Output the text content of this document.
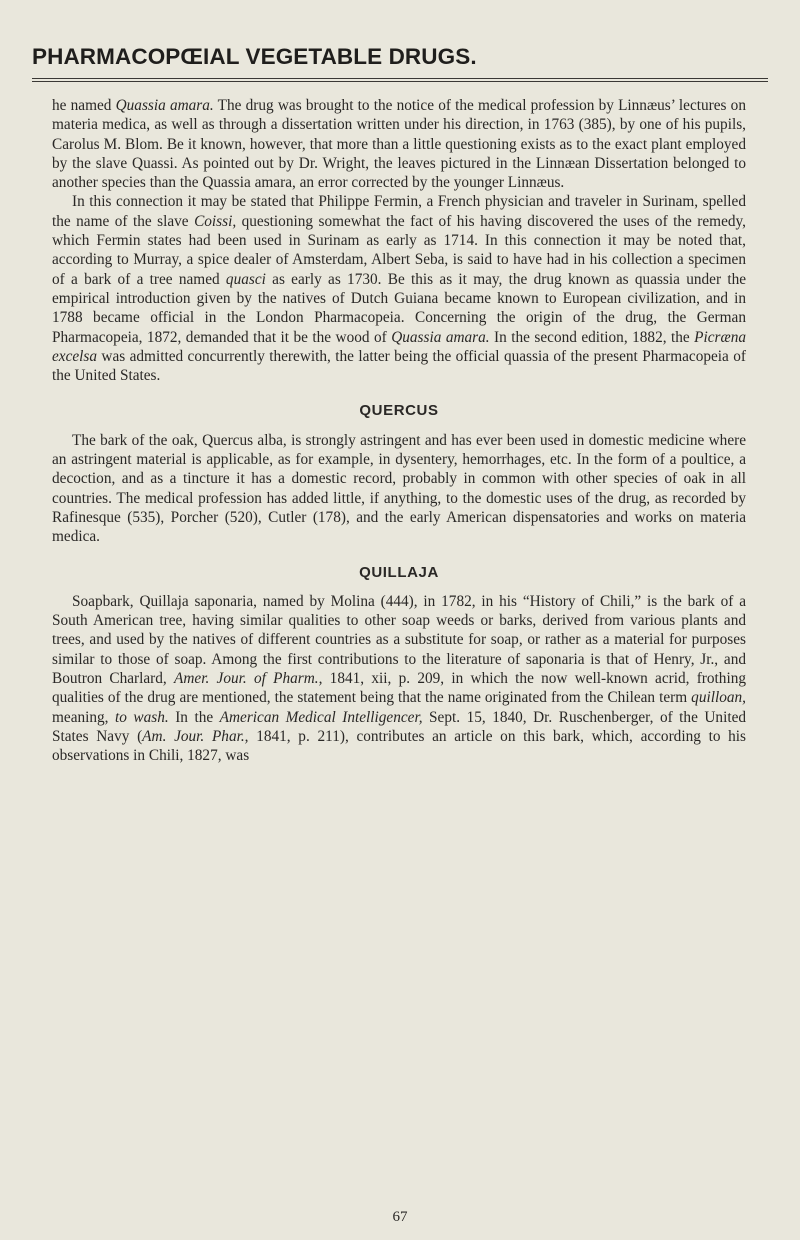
PHARMACOPŒIAL VEGETABLE DRUGS.

he named Quassia amara. The drug was brought to the notice of the medical profession by Linnæus’ lectures on materia medica, as well as through a dissertation written under his direction, in 1763 (385), by one of his pupils, Carolus M. Blom. Be it known, however, that more than a little questioning exists as to the exact plant employed by the slave Quassi. As pointed out by Dr. Wright, the leaves pictured in the Linnæan Dissertation belonged to another species than the Quassia amara, an error corrected by the younger Linnæus.

In this connection it may be stated that Philippe Fermin, a French physician and traveler in Surinam, spelled the name of the slave Coissi, questioning somewhat the fact of his having discovered the uses of the remedy, which Fermin states had been used in Surinam as early as 1714. In this connection it may be noted that, according to Murray, a spice dealer of Amsterdam, Albert Seba, is said to have had in his collection a specimen of a bark of a tree named quasci as early as 1730. Be this as it may, the drug known as quassia under the empirical introduction given by the natives of Dutch Guiana became known to European civilization, and in 1788 became official in the London Pharmacopeia. Concerning the origin of the drug, the German Pharmacopeia, 1872, demanded that it be the wood of Quassia amara. In the second edition, 1882, the Picræna excelsa was admitted concurrently therewith, the latter being the official quassia of the present Pharmacopeia of the United States.

QUERCUS

The bark of the oak, Quercus alba, is strongly astringent and has ever been used in domestic medicine where an astringent material is applicable, as for example, in dysentery, hemorrhages, etc. In the form of a poultice, a decoction, and as a tincture it has a domestic record, probably in common with other species of oak in all countries. The medical profession has added little, if anything, to the domestic uses of the drug, as recorded by Rafinesque (535), Porcher (520), Cutler (178), and the early American dispensatories and works on materia medica.

QUILLAJA

Soapbark, Quillaja saponaria, named by Molina (444), in 1782, in his “History of Chili,” is the bark of a South American tree, having similar qualities to other soap weeds or barks, derived from various plants and trees, and used by the natives of different countries as a substitute for soap, or rather as a material for purposes similar to those of soap. Among the first contributions to the literature of saponaria is that of Henry, Jr., and Boutron Charlard, Amer. Jour. of Pharm., 1841, xii, p. 209, in which the now well-known acrid, frothing qualities of the drug are mentioned, the statement being that the name originated from the Chilean term quilloan, meaning, to wash. In the American Medical Intelligencer, Sept. 15, 1840, Dr. Ruschenberger, of the United States Navy (Am. Jour. Phar., 1841, p. 211), contributes an article on this bark, which, according to his observations in Chili, 1827, was

67
